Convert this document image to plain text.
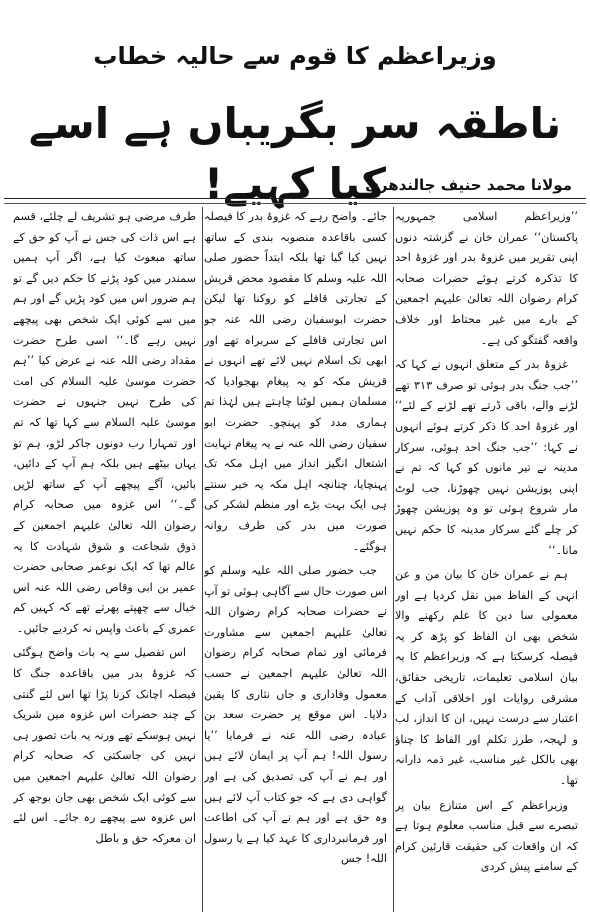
وزیراعظم کا قوم سے حالیہ خطاب
ناطقہ سر بگریباں ہے اسے کیا کہیے!
مولانا محمد حنیف جالندھری

’’وزیراعظم اسلامی جمہوریہ پاکستان‘‘ عمران خان نے گزشتہ دنوں اپنی تقریر میں غزوۂ بدر اور غزوۂ احد کا تذکرہ کرتے ہوئے حضرات صحابہ کرام رضوان اللہ تعالیٰ علیہم اجمعین کے بارے میں غیر محتاط اور خلاف واقعہ گفتگو کی ہے۔

غزوۂ بدر کے متعلق انہوں نے کہا کہ ’’جب جنگ بدر ہوئی تو صرف ۳۱۳ تھے لڑنے والے، باقی ڈرتے تھے لڑنے کے لئے‘‘ اور غزوۂ احد کا ذکر کرتے ہوئے انہوں نے کہا: ’’جب جنگ احد ہوئی، سرکار مدینہ نے تیر مانوں کو کہا کہ تم نے اپنی پوزیشن نہیں چھوڑنا، جب لوٹ مار شروع ہوئی تو وہ پوزیشن چھوڑ کر چلے گئے سرکار مدینہ کا حکم نہیں مانا۔‘‘

ہم نے عمران خان کا بیان من و عن انہی کے الفاظ میں نقل کردیا ہے اور معمولی سا دین کا علم رکھنے والا شخص بھی ان الفاظ کو پڑھ کر یہ فیصلہ کرسکتا ہے کہ وزیراعظم کا یہ بیان اسلامی تعلیمات، تاریخی حقائق، مشرقی روایات اور اخلاقی آداب کے اعتبار سے درست نہیں، ان کا انداز، لب و لہجہ، طرز تکلم اور الفاظ کا چناؤ بھی بالکل غیر مناسب، غیر ذمہ دارانہ تھا۔

وزیراعظم کے اس متنازع بیان پر تبصرے سے قبل مناسب معلوم ہوتا ہے کہ ان واقعات کی حقیقت قارئین کرام کے سامنے پیش کردی

جائے۔ واضح رہے کہ غزوۂ بدر کا فیصلہ کسی باقاعدہ منصوبہ بندی کے ساتھ نہیں کیا گیا تھا بلکہ ابتداً حضور صلی اللہ علیہ وسلم کا مقصود محض قریش کے تجارتی قافلے کو روکنا تھا لیکن حضرت ابوسفیان رضی اللہ عنہ جو اس تجارتی قافلے کے سربراہ تھے اور ابھی تک اسلام نہیں لائے تھے انہوں نے قریش مکہ کو یہ پیغام بھجوادیا کہ مسلمان ہمیں لوٹنا چاہتے ہیں لہٰذا تم ہماری مدد کو پہنچو۔ حضرت ابو سفیان رضی اللہ عنہ نے یہ پیغام نہایت اشتعال انگیز انداز میں اہل مکہ تک پہنچایا، چنانچہ اہل مکہ یہ خبر سنتے ہی ایک بہت بڑے اور منظم لشکر کی صورت میں بدر کی طرف روانہ ہوگئے۔

جب حضور صلی اللہ علیہ وسلم کو اس صورت حال سے آگاہی ہوئی تو آپ نے حضرات صحابہ کرام رضوان اللہ تعالیٰ علیہم اجمعین سے مشاورت فرمائی اور تمام صحابہ کرام رضوان اللہ تعالیٰ علیہم اجمعین نے حسب معمول وفاداری و جاں نثاری کا یقین دلایا۔ اس موقع پر حضرت سعد بن عبادہ رضی اللہ عنہ نے فرمایا ’’یا رسول اللہ! ہم آپ پر ایمان لائے ہیں اور ہم نے آپ کی تصدیق کی ہے اور گواہی دی ہے کہ جو کتاب آپ لائے ہیں وہ حق ہے اور ہم نے آپ کی اطاعت اور فرمانبرداری کا عہد کیا ہے یا رسول اللہ! جس

طرف مرضی ہو تشریف لے چلئے، قسم ہے اس ذات کی جس نے آپ کو حق کے ساتھ مبعوث کیا ہے، اگر آپ ہمیں سمندر میں کود پڑنے کا حکم دیں گے تو ہم ضرور اس میں کود پڑیں گے اور ہم میں سے کوئی ایک شخص بھی پیچھے نہیں رہے گا۔‘‘ اسی طرح حضرت مقداد رضی اللہ عنہ نے عرض کیا ’’ہم حضرت موسیٰ علیہ السلام کی امت کی طرح نہیں جنہوں نے حضرت موسیٰ علیہ السلام سے کہا تھا کہ تم اور تمہارا رب دونوں جاکر لڑو، ہم تو یہاں بیٹھے ہیں بلکہ ہم آپ کے دائیں، بائیں، آگے پیچھے آپ کے ساتھ لڑیں گے۔‘‘ اس غزوہ میں صحابہ کرام رضوان اللہ تعالیٰ علیہم اجمعین کے ذوق شجاعت و شوق شہادت کا یہ عالم تھا کہ ایک نوعمر صحابی حضرت عمیر بن ابی وقاص رضی اللہ عنہ اس خیال سے چھپتے پھرتے تھے کہ کہیں کم عمری کے باعث واپس نہ کردیے جائیں۔

اس تفصیل سے یہ بات واضح ہوگئی کہ غزوۂ بدر میں باقاعدہ جنگ کا فیصلہ اچانک کرنا پڑا تھا اس لئے گنتی کے چند حضرات اس غزوہ میں شریک نہیں ہوسکے تھے ورنہ یہ بات تصور ہی نہیں کی جاسکتی کہ صحابہ کرام رضوان اللہ تعالیٰ علیہم اجمعین میں سے کوئی ایک شخص بھی جان بوجھ کر اس غزوہ سے پیچھے رہ جائے۔ اس لئے ان معرکہ حق و باطل
